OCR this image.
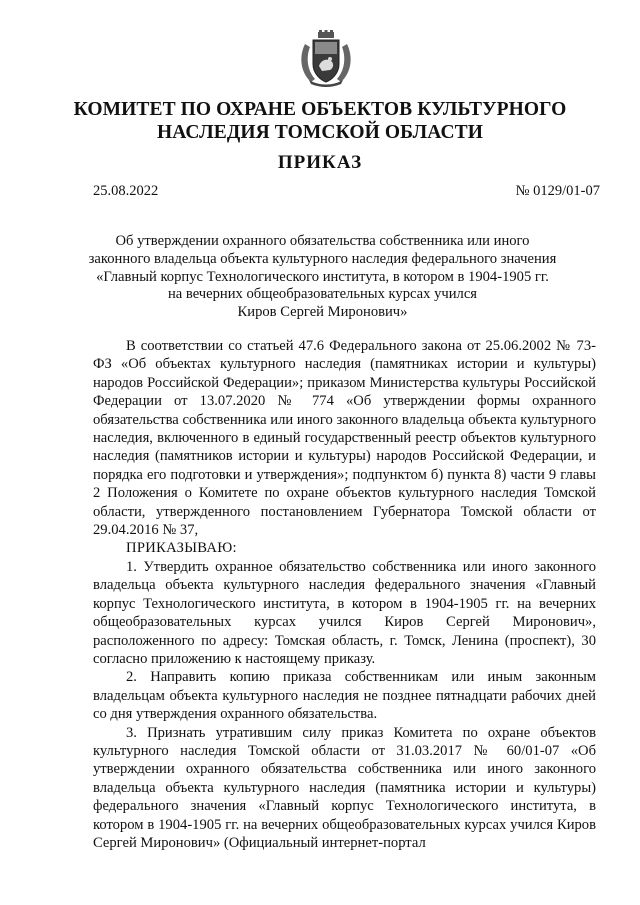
КОМИТЕТ ПО ОХРАНЕ ОБЪЕКТОВ КУЛЬТУРНОГО
НАСЛЕДИЯ ТОМСКОЙ ОБЛАСТИ
ПРИКАЗ
25.08.2022	№ 0129/01-07
Об утверждении охранного обязательства собственника или иного
законного владельца объекта культурного наследия федерального значения
«Главный корпус Технологического института, в котором в 1904-1905 гг.
на вечерних общеобразовательных курсах учился
Киров Сергей Миронович»

В соответствии со статьей 47.6 Федерального закона от 25.06.2002 № 73-ФЗ «Об объектах культурного наследия (памятниках истории и культуры) народов Российской Федерации»; приказом Министерства культуры Российской Федерации от 13.07.2020 № 774 «Об утверждении формы охранного обязательства собственника или иного законного владельца объекта культурного наследия, включенного в единый государственный реестр объектов культурного наследия (памятников истории и культуры) народов Российской Федерации, и порядка его подготовки и утверждения»; подпунктом б) пункта 8) части 9 главы 2 Положения о Комитете по охране объектов культурного наследия Томской области, утвержденного постановлением Губернатора Томской области от 29.04.2016 № 37,

ПРИКАЗЫВАЮ:

1. Утвердить охранное обязательство собственника или иного законного владельца объекта культурного наследия федерального значения «Главный корпус Технологического института, в котором в 1904-1905 гг. на вечерних общеобразовательных курсах учился Киров Сергей Миронович», расположенного по адресу: Томская область, г. Томск, Ленина (проспект), 30 согласно приложению к настоящему приказу.

2. Направить копию приказа собственникам или иным законным владельцам объекта культурного наследия не позднее пятнадцати рабочих дней со дня утверждения охранного обязательства.

3. Признать утратившим силу приказ Комитета по охране объектов культурного наследия Томской области от 31.03.2017 № 60/01-07 «Об утверждении охранного обязательства собственника или иного законного владельца объекта культурного наследия (памятника истории и культуры) федерального значения «Главный корпус Технологического института, в котором в 1904-1905 гг. на вечерних общеобразовательных курсах учился Киров Сергей Миронович» (Официальный интернет-портал
